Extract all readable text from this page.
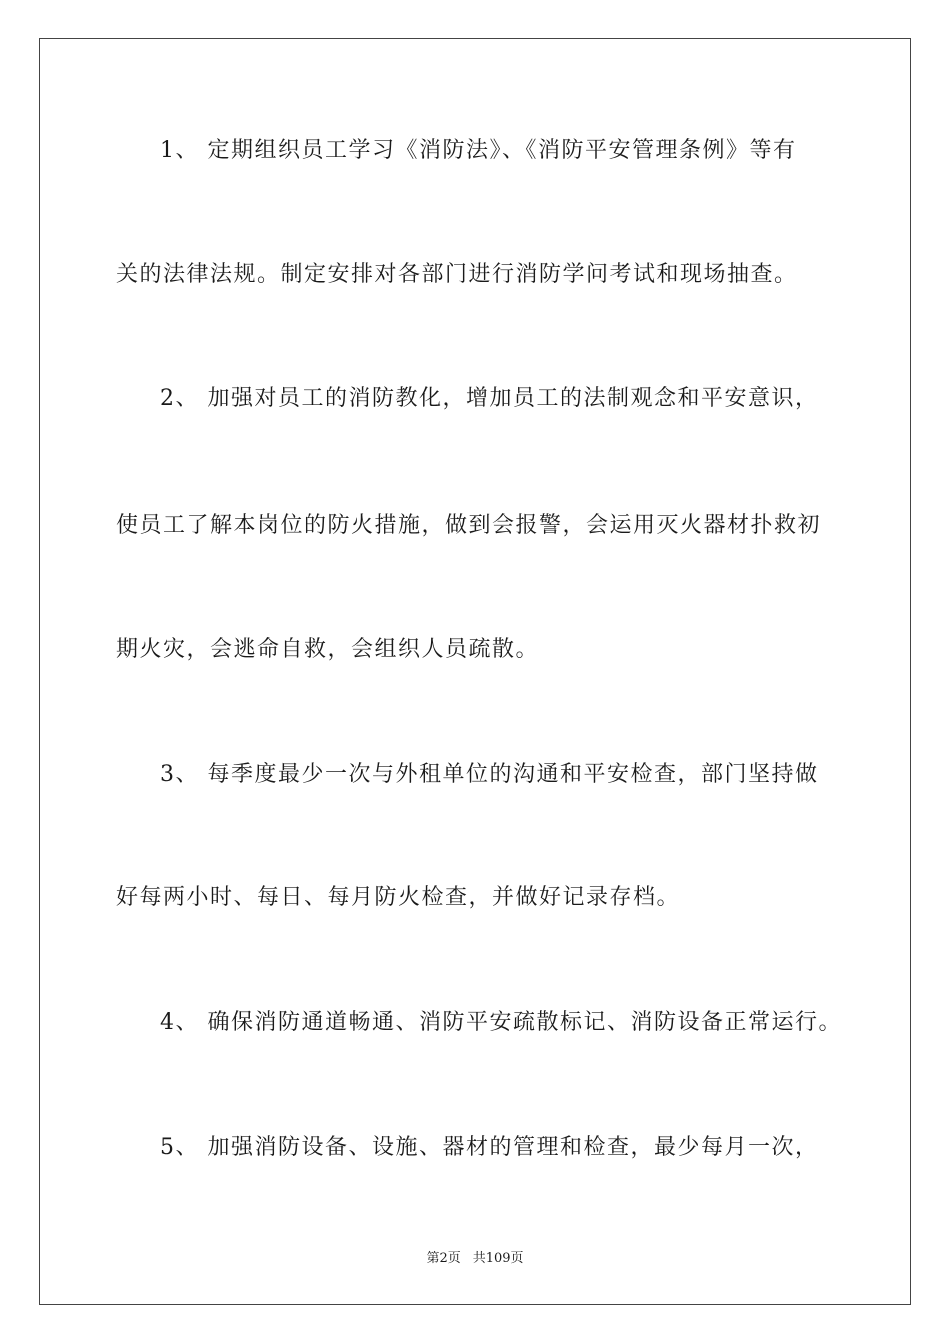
1、 定期组织员工学习《消防法》、《消防平安管理条例》等有
关的法律法规。制定安排对各部门进行消防学问考试和现场抽查。
2、 加强对员工的消防教化，增加员工的法制观念和平安意识，
使员工了解本岗位的防火措施，做到会报警，会运用灭火器材扑救初
期火灾，会逃命自救，会组织人员疏散。
3、 每季度最少一次与外租单位的沟通和平安检查，部门坚持做
好每两小时、每日、每月防火检查，并做好记录存档。
4、 确保消防通道畅通、消防平安疏散标记、消防设备正常运行。
5、 加强消防设备、设施、器材的管理和检查，最少每月一次，
第2页 共109页
